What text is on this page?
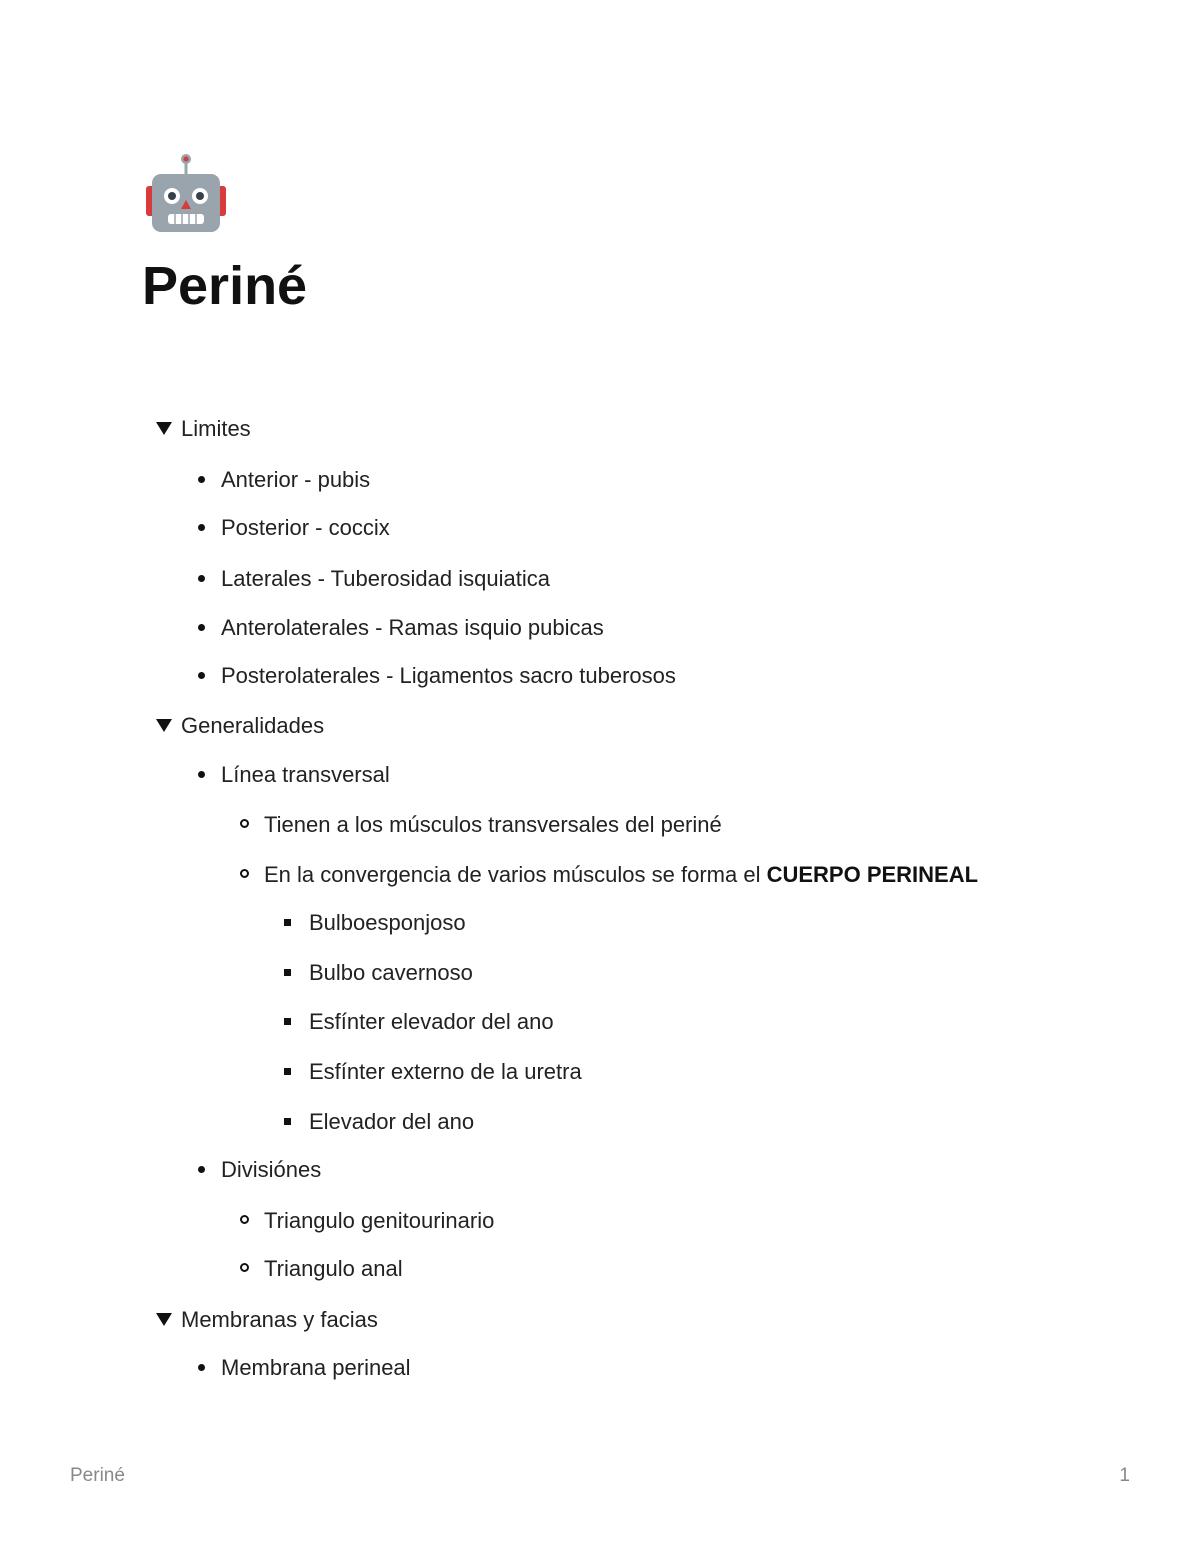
Periné
Limites
Anterior - pubis
Posterior - coccix
Laterales - Tuberosidad isquiatica
Anterolaterales - Ramas isquio pubicas
Posterolaterales - Ligamentos sacro tuberosos
Generalidades
Línea transversal
Tienen a los músculos transversales del periné
En la convergencia de varios músculos se forma el CUERPO PERINEAL
Bulboesponjoso
Bulbo cavernoso
Esfínter elevador del ano
Esfínter externo de la uretra
Elevador del ano
Divisiónes
Triangulo genitourinario
Triangulo anal
Membranas y facias
Membrana perineal
Periné	1
